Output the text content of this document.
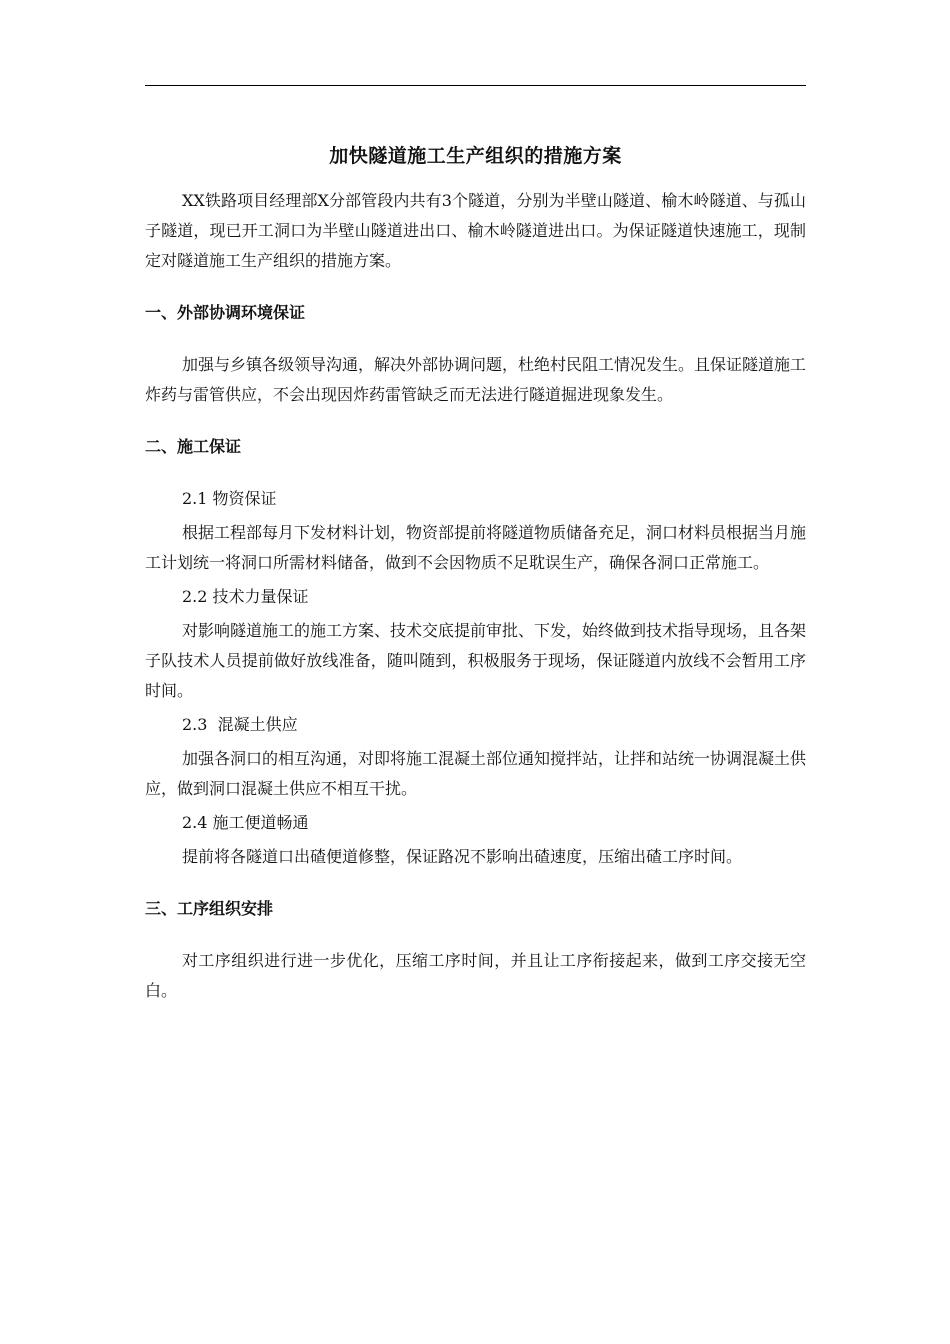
加快隧道施工生产组织的措施方案

XX铁路项目经理部X分部管段内共有3个隧道，分别为半壁山隧道、榆木岭隧道、与孤山子隧道，现已开工洞口为半壁山隧道进出口、榆木岭隧道进出口。为保证隧道快速施工，现制定对隧道施工生产组织的措施方案。

一、外部协调环境保证

加强与乡镇各级领导沟通，解决外部协调问题，杜绝村民阻工情况发生。且保证隧道施工炸药与雷管供应，不会出现因炸药雷管缺乏而无法进行隧道掘进现象发生。

二、施工保证

2.1 物资保证

根据工程部每月下发材料计划，物资部提前将隧道物质储备充足，洞口材料员根据当月施工计划统一将洞口所需材料储备，做到不会因物质不足耽误生产，确保各洞口正常施工。

2.2 技术力量保证

对影响隧道施工的施工方案、技术交底提前审批、下发，始终做到技术指导现场，且各架子队技术人员提前做好放线准备，随叫随到，积极服务于现场，保证隧道内放线不会暂用工序时间。

2.3  混凝土供应

加强各洞口的相互沟通，对即将施工混凝土部位通知搅拌站，让拌和站统一协调混凝土供应，做到洞口混凝土供应不相互干扰。

2.4 施工便道畅通

提前将各隧道口出碴便道修整，保证路况不影响出碴速度，压缩出碴工序时间。

三、工序组织安排

对工序组织进行进一步优化，压缩工序时间，并且让工序衔接起来，做到工序交接无空白。
